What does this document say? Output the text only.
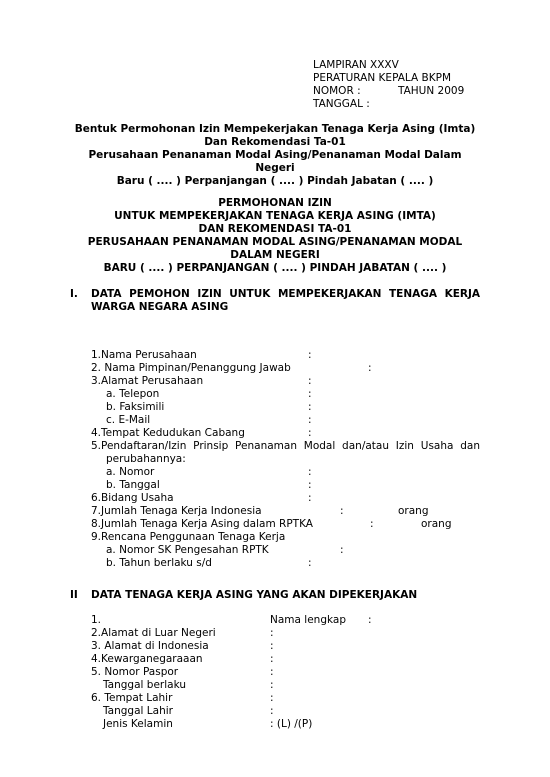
LAMPIRAN XXXV
PERATURAN KEPALA BKPM
NOMOR :	TAHUN 2009
TANGGAL :
Bentuk Permohonan Izin Mempekerjakan Tenaga Kerja Asing (Imta)
Dan Rekomendasi Ta-01
Perusahaan Penanaman Modal Asing/Penanaman Modal Dalam
Negeri
Baru ( .... ) Perpanjangan ( .... ) Pindah Jabatan ( .... )
PERMOHONAN IZIN
UNTUK MEMPEKERJAKAN TENAGA KERJA ASING (IMTA)
DAN REKOMENDASI TA-01
PERUSAHAAN PENANAMAN MODAL ASING/PENANAMAN MODAL
DALAM NEGERI
BARU ( .... ) PERPANJANGAN ( .... ) PINDAH JABATAN ( .... )
I. DATA PEMOHON IZIN UNTUK MEMPEKERJAKAN TENAGA KERJA
WARGA NEGARA ASING
1.Nama Perusahaan	:
2. Nama Pimpinan/Penanggung Jawab	:
3.Alamat Perusahaan	:
a. Telepon	:
b. Faksimili	:
c. E-Mail	:
4.Tempat Kedudukan Cabang	:
5.Pendaftaran/Izin Prinsip Penanaman Modal dan/atau Izin Usaha dan
perubahannya:
a. Nomor	:
b. Tanggal	:
6.Bidang Usaha	:
7.Jumlah Tenaga Kerja Indonesia	:	orang
8.Jumlah Tenaga Kerja Asing dalam RPTKA	:	orang
9.Rencana Penggunaan Tenaga Kerja
a. Nomor SK Pengesahan RPTK	:
b. Tahun berlaku s/d	:
II DATA TENAGA KERJA ASING YANG AKAN DIPEKERJAKAN
1.	Nama lengkap :
2.Alamat di Luar Negeri	:
3. Alamat di Indonesia	:
4.Kewarganegaraaan	:
5. Nomor Paspor	:
Tanggal berlaku	:
6. Tempat Lahir	:
Tanggal Lahir	:
Jenis Kelamin	: (L) /(P)
